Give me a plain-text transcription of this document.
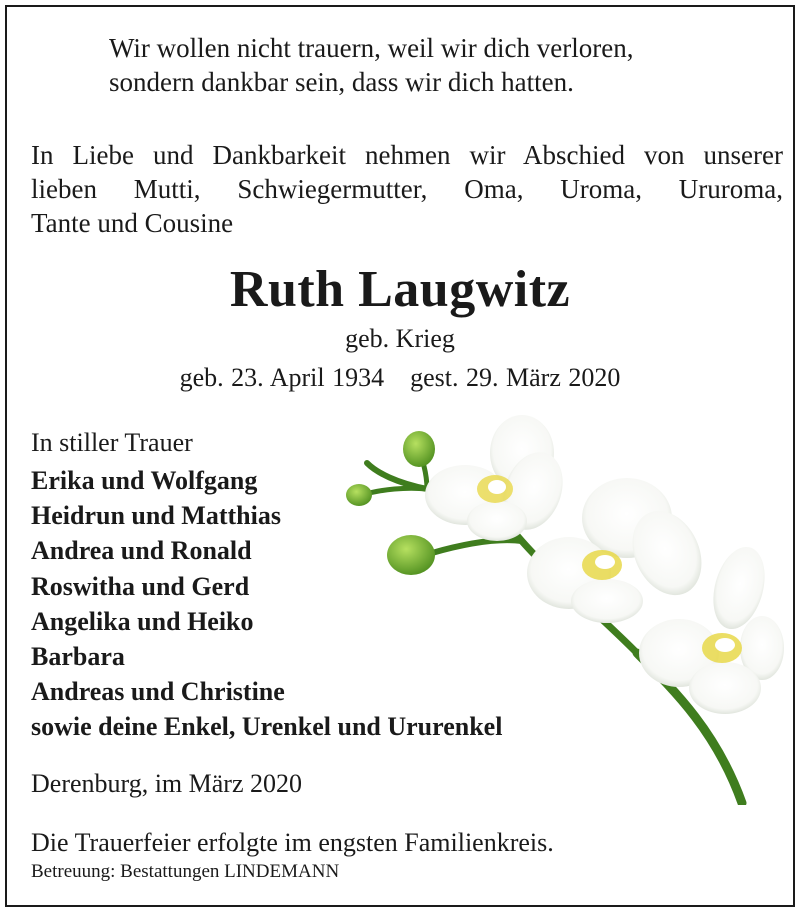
Wir wollen nicht trauern, weil wir dich verloren,
sondern dankbar sein, dass wir dich hatten.
In Liebe und Dankbarkeit nehmen wir Abschied von unserer
lieben Mutti, Schwiegermutter, Oma, Uroma, Ururoma,
Tante und Cousine
Ruth Laugwitz
geb. Krieg
geb. 23. April 1934 gest. 29. März 2020
In stiller Trauer
Erika und Wolfgang
Heidrun und Matthias
Andrea und Ronald
Roswitha und Gerd
Angelika und Heiko
Barbara
Andreas und Christine
sowie deine Enkel, Urenkel und Ururenkel
Derenburg, im März 2020
Die Trauerfeier erfolgte im engsten Familienkreis.
Betreuung: Bestattungen LINDEMANN
